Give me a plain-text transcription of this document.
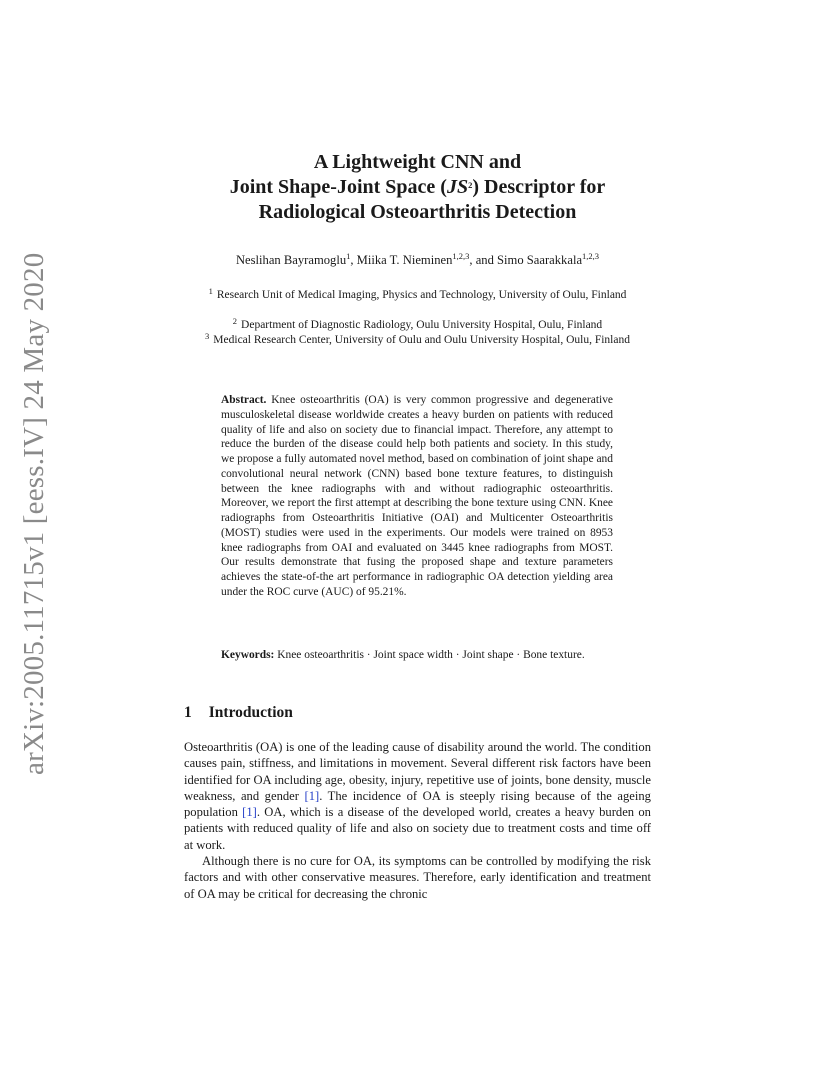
arXiv:2005.11715v1 [eess.IV] 24 May 2020
A Lightweight CNN and
Joint Shape-Joint Space $(JS^2)$ Descriptor for
Radiological Osteoarthritis Detection
Neslihan Bayramoglu$^1$, Miika T. Nieminen$^{1,2,3}$, and Simo Saarakkala$^{1,2,3}$
$^1$ Research Unit of Medical Imaging, Physics and Technology, University of Oulu, Finland
$^2$ Department of Diagnostic Radiology, Oulu University Hospital, Oulu, Finland
$^3$ Medical Research Center, University of Oulu and Oulu University Hospital, Oulu, Finland
Abstract. Knee osteoarthritis (OA) is very common progressive and degenerative musculoskeletal disease worldwide creates a heavy burden on patients with reduced quality of life and also on society due to financial impact. Therefore, any attempt to reduce the burden of the disease could help both patients and society. In this study, we propose a fully automated novel method, based on combination of joint shape and convolutional neural network (CNN) based bone texture features, to distinguish between the knee radiographs with and without radiographic osteoarthritis. Moreover, we report the first attempt at describing the bone texture using CNN. Knee radiographs from Osteoarthritis Initiative (OAI) and Multicenter Osteoarthritis (MOST) studies were used in the experiments. Our models were trained on 8953 knee radiographs from OAI and evaluated on 3445 knee radiographs from MOST. Our results demonstrate that fusing the proposed shape and texture parameters achieves the state-of-the art performance in radiographic OA detection yielding area under the ROC curve (AUC) of 95.21%.
Keywords: Knee osteoarthritis · Joint space width · Joint shape · Bone texture.
1 Introduction

Osteoarthritis (OA) is one of the leading cause of disability around the world. The condition causes pain, stiffness, and limitations in movement. Several different risk factors have been identified for OA including age, obesity, injury, repetitive use of joints, bone density, muscle weakness, and gender [1]. The incidence of OA is steeply rising because of the ageing population [1]. OA, which is a disease of the developed world, creates a heavy burden on patients with reduced quality of life and also on society due to treatment costs and time off at work.

Although there is no cure for OA, its symptoms can be controlled by modifying the risk factors and with other conservative measures. Therefore, early identification and treatment of OA may be critical for decreasing the chronic
